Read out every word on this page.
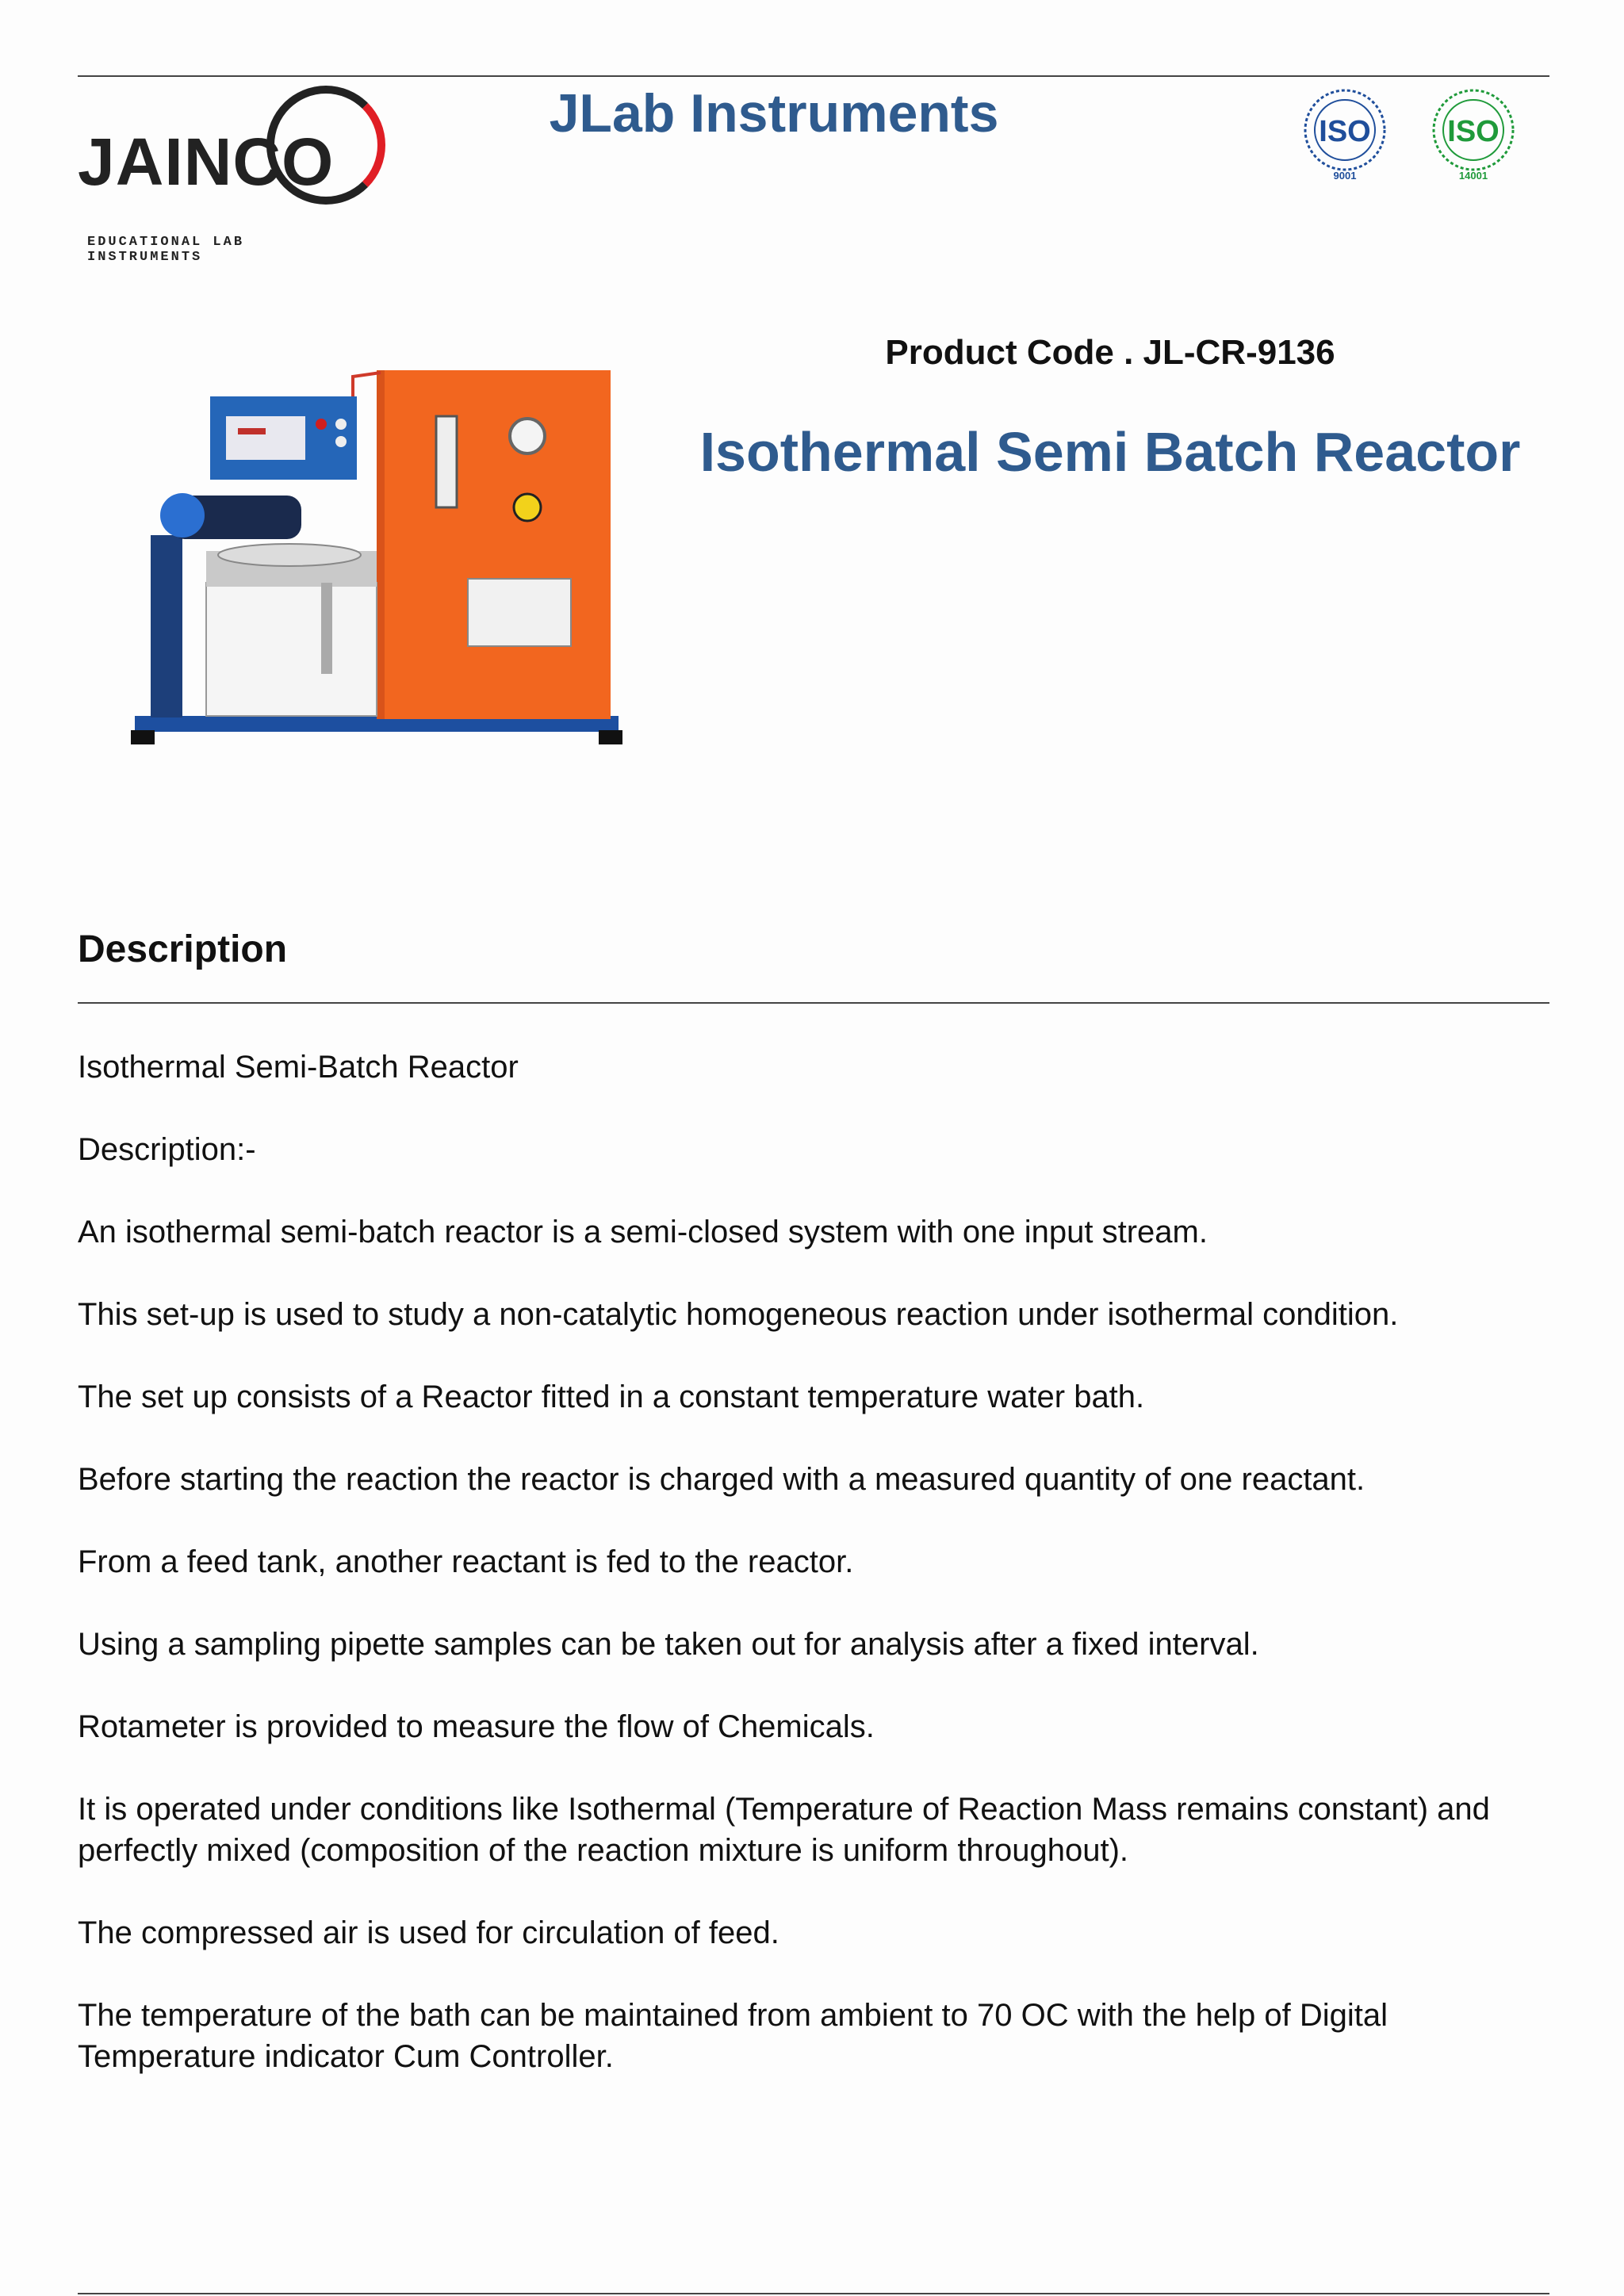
JAINCO
EDUCATIONAL LAB INSTRUMENTS
JLab Instruments	ISO
9001
ISO
14001
Product Code . JL-CR-9136
Isothermal Semi Batch Reactor
Description

Isothermal Semi-Batch Reactor

Description:-

An isothermal semi-batch reactor is a semi-closed system with one input stream.

This set-up is used to study a non-catalytic homogeneous reaction under isothermal condition.

The set up consists of a Reactor fitted in a constant temperature water bath.

Before starting the reaction the reactor is charged with a measured quantity of one reactant.

From a feed tank, another reactant is fed to the reactor.

Using a sampling pipette samples can be taken out for analysis after a fixed interval.

Rotameter is provided to measure the flow of Chemicals.

It is operated under conditions like Isothermal (Temperature of Reaction Mass remains constant) and perfectly mixed (composition of the reaction mixture is uniform throughout).

The compressed air is used for circulation of feed.

The temperature of the bath can be maintained from ambient to 70 OC with the help of Digital Temperature indicator Cum Controller.
